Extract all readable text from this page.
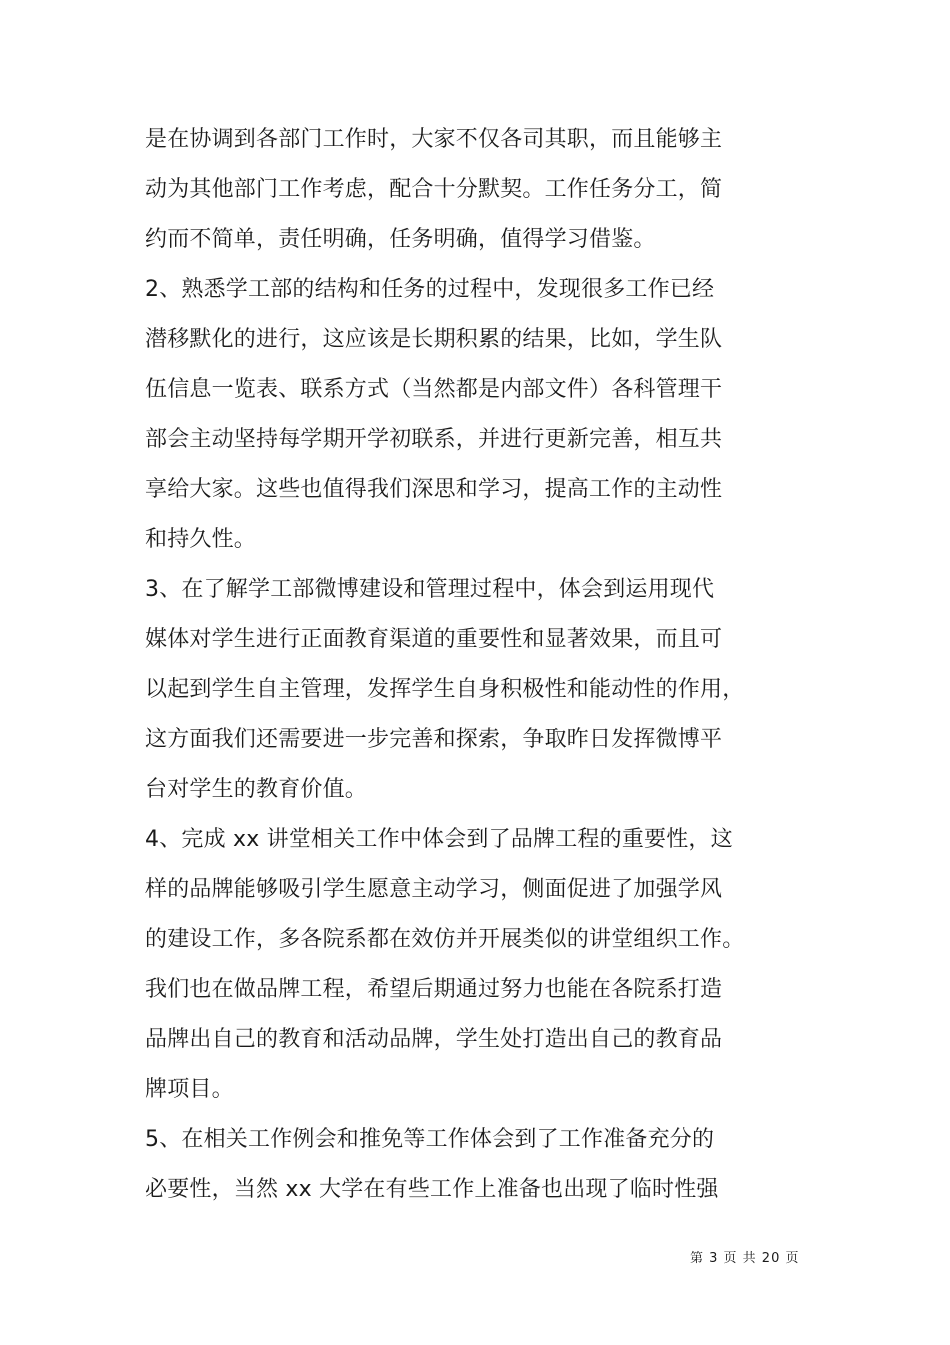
是在协调到各部门工作时，大家不仅各司其职，而且能够主
动为其他部门工作考虑，配合十分默契。工作任务分工，简
约而不简单，责任明确，任务明确，值得学习借鉴。
2、熟悉学工部的结构和任务的过程中，发现很多工作已经
潜移默化的进行，这应该是长期积累的结果，比如，学生队
伍信息一览表、联系方式（当然都是内部文件）各科管理干
部会主动坚持每学期开学初联系，并进行更新完善，相互共
享给大家。这些也值得我们深思和学习，提高工作的主动性
和持久性。
3、在了解学工部微博建设和管理过程中，体会到运用现代
媒体对学生进行正面教育渠道的重要性和显著效果，而且可
以起到学生自主管理，发挥学生自身积极性和能动性的作用，
这方面我们还需要进一步完善和探索，争取昨日发挥微博平
台对学生的教育价值。
4、完成 xx 讲堂相关工作中体会到了品牌工程的重要性，这
样的品牌能够吸引学生愿意主动学习，侧面促进了加强学风
的建设工作，多各院系都在效仿并开展类似的讲堂组织工作。
我们也在做品牌工程，希望后期通过努力也能在各院系打造
品牌出自己的教育和活动品牌，学生处打造出自己的教育品
牌项目。
5、在相关工作例会和推免等工作体会到了工作准备充分的
必要性，当然 xx 大学在有些工作上准备也出现了临时性强
第 3 页 共 20 页
